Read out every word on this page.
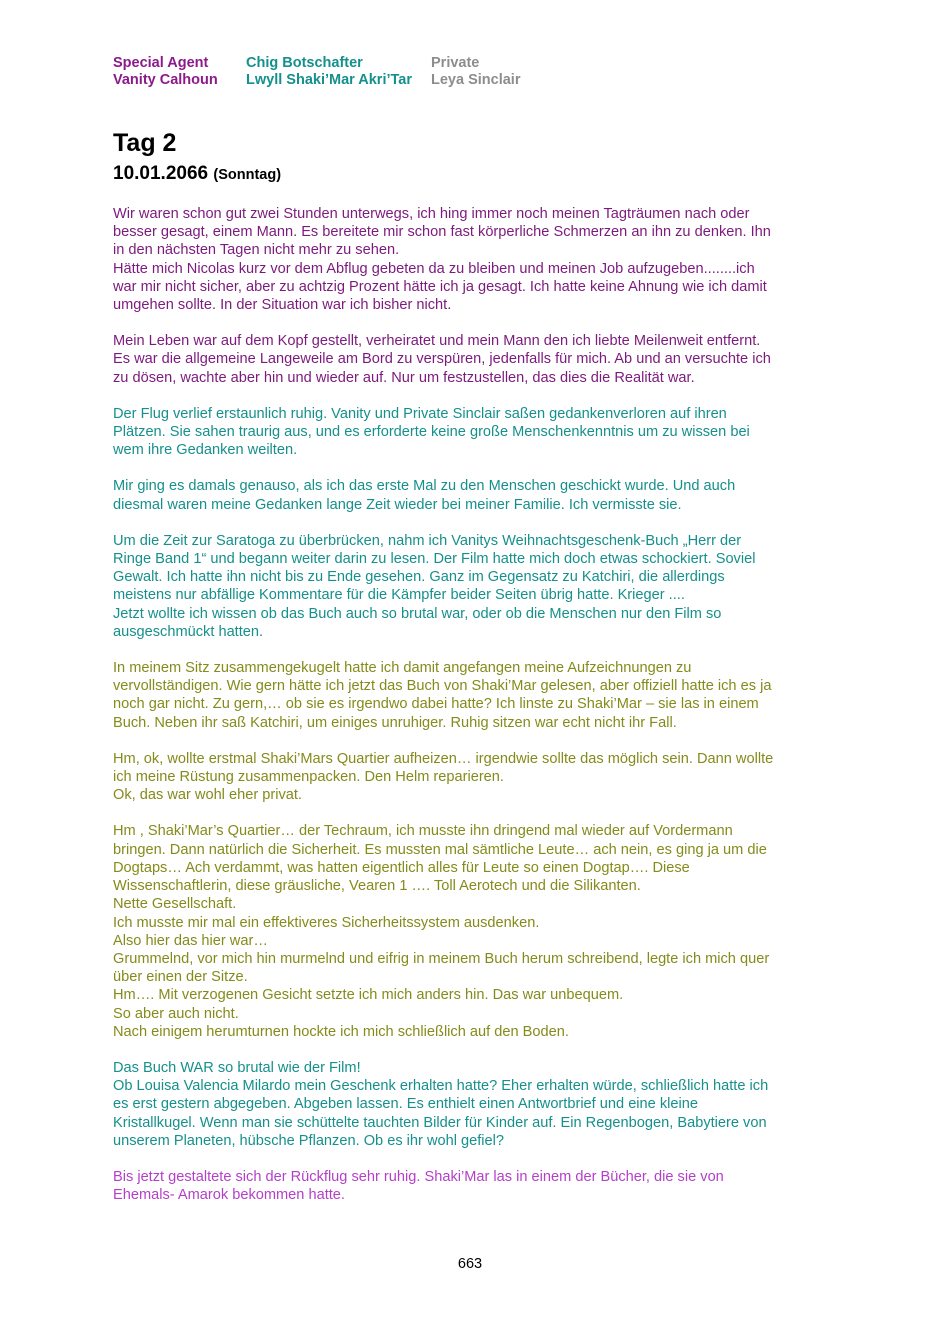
Special Agent
Vanity Calhoun
Chig Botschafter
Lwyll Shaki’Mar Akri’Tar
Private
Leya Sinclair
Tag 2
10.01.2066 (Sonntag)

Wir waren schon gut zwei Stunden unterwegs, ich hing immer noch meinen Tagträumen nach oder
besser gesagt, einem Mann. Es bereitete mir schon fast körperliche Schmerzen an ihn zu denken. Ihn
in den nächsten Tagen nicht mehr zu sehen.
Hätte mich Nicolas kurz vor dem Abflug gebeten da zu bleiben und meinen Job aufzugeben........ich
war mir nicht sicher, aber zu achtzig Prozent hätte ich ja gesagt. Ich hatte keine Ahnung wie ich damit
umgehen sollte. In der Situation war ich bisher nicht.

Mein Leben war auf dem Kopf gestellt, verheiratet und mein Mann den ich liebte Meilenweit entfernt.
Es war die allgemeine Langeweile am Bord zu verspüren, jedenfalls für mich. Ab und an versuchte ich
zu dösen, wachte aber hin und wieder auf. Nur um festzustellen, das dies die Realität war.

Der Flug verlief erstaunlich ruhig. Vanity und Private Sinclair saßen gedankenverloren auf ihren
Plätzen. Sie sahen traurig aus, und es erforderte keine große Menschenkenntnis um zu wissen bei
wem ihre Gedanken weilten.

Mir ging es damals genauso, als ich das erste Mal zu den Menschen geschickt wurde. Und auch
diesmal waren meine Gedanken lange Zeit wieder bei meiner Familie. Ich vermisste sie.

Um die Zeit zur Saratoga zu überbrücken, nahm ich Vanitys Weihnachtsgeschenk-Buch „Herr der
Ringe Band 1“ und begann weiter darin zu lesen. Der Film hatte mich doch etwas schockiert. Soviel
Gewalt. Ich hatte ihn nicht bis zu Ende gesehen. Ganz im Gegensatz zu Katchiri, die allerdings
meistens nur abfällige Kommentare für die Kämpfer beider Seiten übrig hatte. Krieger ....
Jetzt wollte ich wissen ob das Buch auch so brutal war, oder ob die Menschen nur den Film so
ausgeschmückt hatten.

In meinem Sitz zusammengekugelt hatte ich damit angefangen meine Aufzeichnungen zu
vervollständigen. Wie gern hätte ich jetzt das Buch von Shaki’Mar gelesen, aber offiziell hatte ich es ja
noch gar nicht. Zu gern,… ob sie es irgendwo dabei hatte? Ich linste zu Shaki’Mar – sie las in einem
Buch. Neben ihr saß Katchiri, um einiges unruhiger. Ruhig sitzen war echt nicht ihr Fall.

Hm, ok, wollte erstmal Shaki’Mars Quartier aufheizen… irgendwie sollte das möglich sein. Dann wollte
ich meine Rüstung zusammenpacken. Den Helm reparieren.
Ok, das war wohl eher privat.

Hm , Shaki’Mar’s Quartier… der Techraum, ich musste ihn dringend mal wieder auf Vordermann
bringen. Dann natürlich die Sicherheit. Es mussten mal sämtliche Leute… ach nein, es ging ja um die
Dogtaps… Ach verdammt, was hatten eigentlich alles für Leute so einen Dogtap…. Diese
Wissenschaftlerin, diese gräusliche, Vearen 1 …. Toll Aerotech und die Silikanten.
Nette Gesellschaft.
Ich musste mir mal ein effektiveres Sicherheitssystem ausdenken.
Also hier das hier war…
Grummelnd, vor mich hin murmelnd und eifrig in meinem Buch herum schreibend, legte ich mich quer
über einen der Sitze.
Hm…. Mit verzogenen Gesicht setzte ich mich anders hin. Das war unbequem.
So aber auch nicht.
Nach einigem herumturnen hockte ich mich schließlich auf den Boden.

Das Buch WAR so brutal wie der Film!
Ob Louisa Valencia Milardo mein Geschenk erhalten hatte? Eher erhalten würde, schließlich hatte ich
es erst gestern abgegeben. Abgeben lassen. Es enthielt einen Antwortbrief und eine kleine
Kristallkugel. Wenn man sie schüttelte tauchten Bilder für Kinder auf. Ein Regenbogen, Babytiere von
unserem Planeten, hübsche Pflanzen. Ob es ihr wohl gefiel?

Bis jetzt gestaltete sich der Rückflug sehr ruhig. Shaki’Mar las in einem der Bücher, die sie von
Ehemals- Amarok bekommen hatte.

663
